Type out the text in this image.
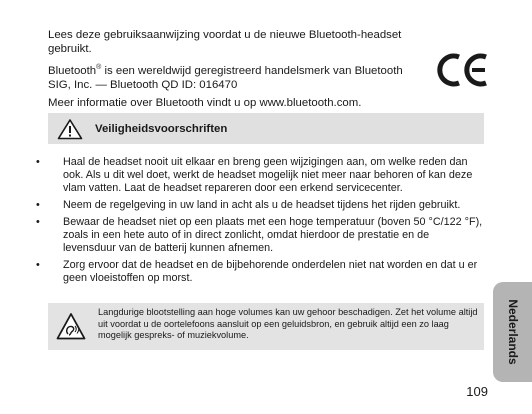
Lees deze gebruiksaanwijzing voordat u de nieuwe Bluetooth-headset gebruikt.

Bluetooth® is een wereldwijd geregistreerd handelsmerk van Bluetooth SIG, Inc. — Bluetooth QD ID: 016470

Meer informatie over Bluetooth vindt u op www.bluetooth.com.

Veiligheidsvoorschriften
• Haal de headset nooit uit elkaar en breng geen wijzigingen aan, om welke reden dan ook. Als u dit wel doet, werkt de headset mogelijk niet meer naar behoren of kan deze vlam vatten. Laat de headset repareren door een erkend servicecenter.
• Neem de regelgeving in uw land in acht als u de headset tijdens het rijden gebruikt.
• Bewaar de headset niet op een plaats met een hoge temperatuur (boven 50 °C/122 °F), zoals in een hete auto of in direct zonlicht, omdat hierdoor de prestatie en de levensduur van de batterij kunnen afnemen.
• Zorg ervoor dat de headset en de bijbehorende onderdelen niet nat worden en dat u er geen vloeistoffen op morst.
Langdurige blootstelling aan hoge volumes kan uw gehoor beschadigen. Zet het volume altijd uit voordat u de oortelefoons aansluit op een geluidsbron, en gebruik altijd een zo laag mogelijk gespreks- of muziekvolume.	Nederlands
109
